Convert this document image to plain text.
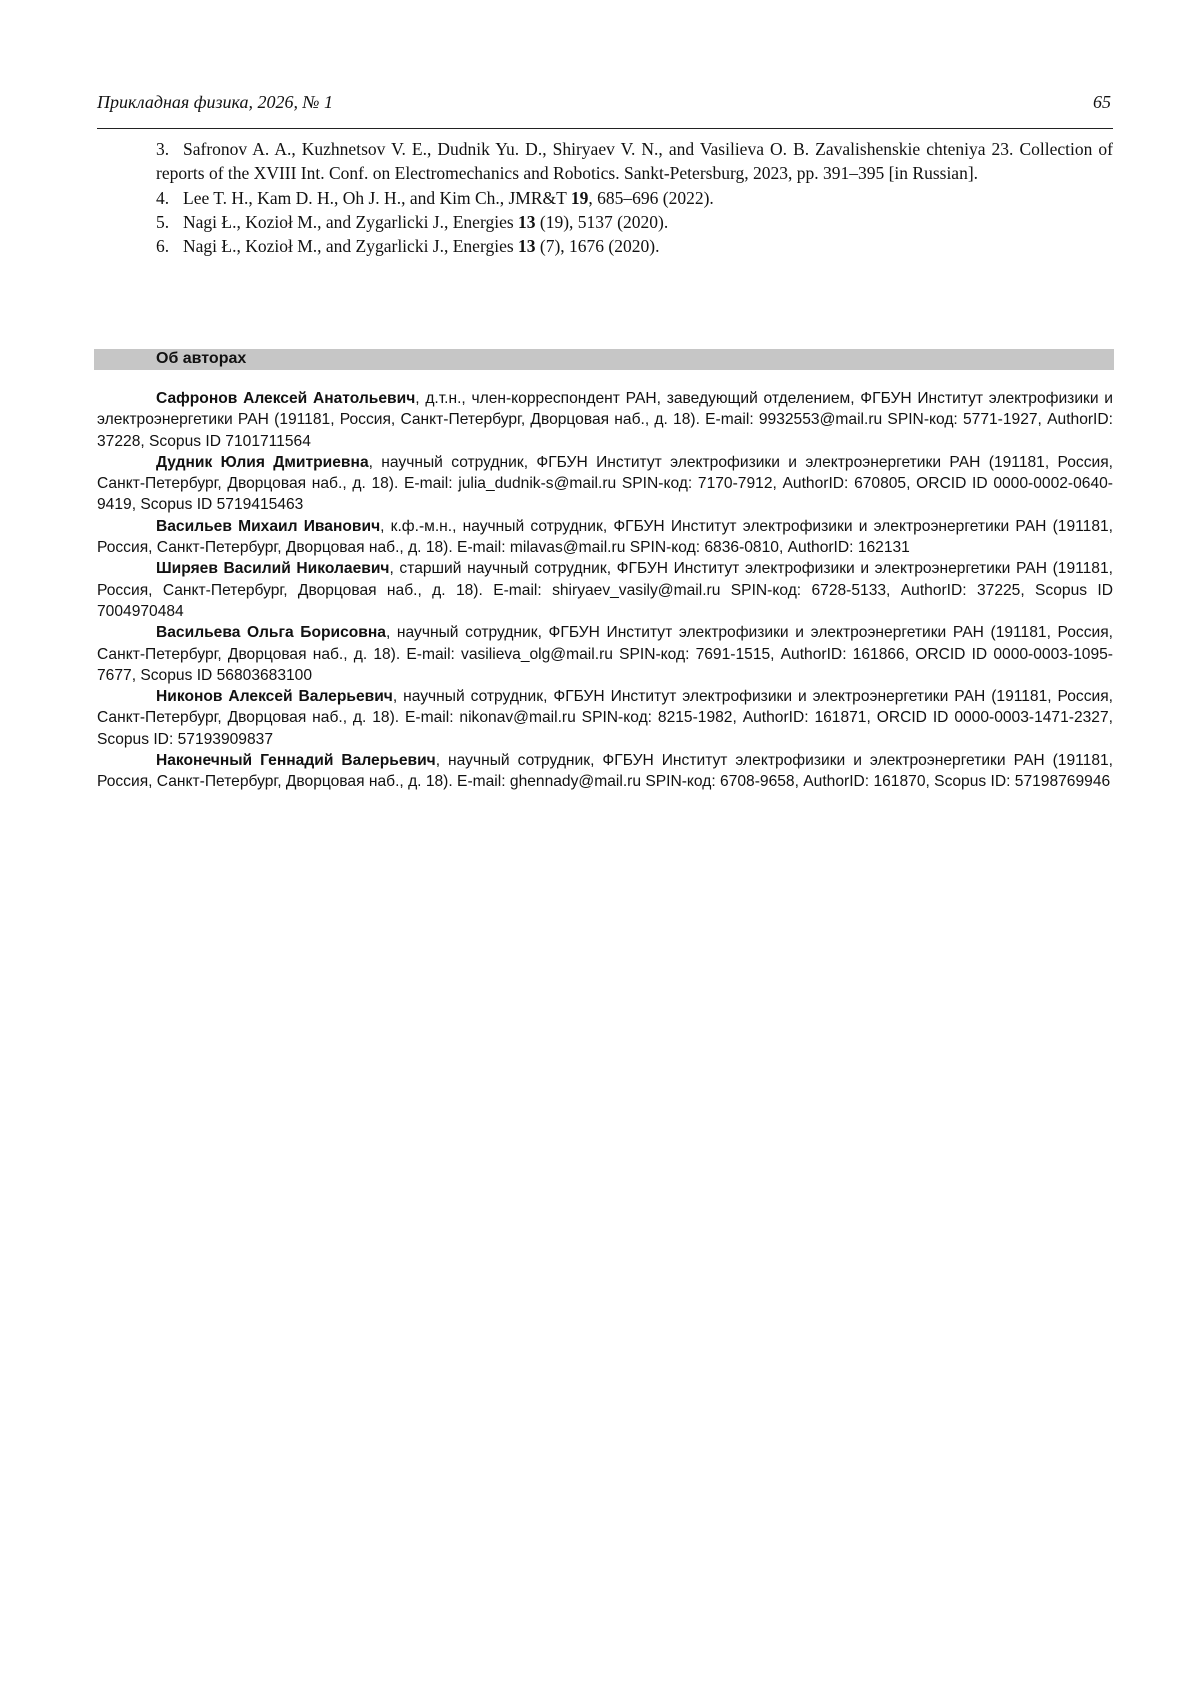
Прикладная физика, 2026, № 1	65

3. Safronov A. A., Kuzhnetsov V. E., Dudnik Yu. D., Shiryaev V. N., and Vasilieva O. B. Zavalishenskie chteniya 23. Collection of reports of the XVIII Int. Conf. on Electromechanics and Robotics. Sankt-Petersburg, 2023, pp. 391–395 [in Russian].

4. Lee T. H., Kam D. H., Oh J. H., and Kim Ch., JMR&T 19, 685–696 (2022).

5. Nagi Ł., Kozioł M., and Zygarlicki J., Energies 13 (19), 5137 (2020).

6. Nagi Ł., Kozioł M., and Zygarlicki J., Energies 13 (7), 1676 (2020).

Об авторах

Сафронов Алексей Анатольевич, д.т.н., член-корреспондент РАН, заведующий отделением, ФГБУН Институт электрофизики и электроэнергетики РАН (191181, Россия, Санкт-Петербург, Дворцовая наб., д. 18). E-mail: 9932553@mail.ru SPIN-код: 5771-1927, AuthorID: 37228, Scopus ID 7101711564

Дудник Юлия Дмитриевна, научный сотрудник, ФГБУН Институт электрофизики и электроэнергетики РАН (191181, Россия, Санкт-Петербург, Дворцовая наб., д. 18). E-mail: julia_dudnik-s@mail.ru SPIN-код: 7170-7912, AuthorID: 670805, ORCID ID 0000-0002-0640-9419, Scopus ID 5719415463

Васильев Михаил Иванович, к.ф.-м.н., научный сотрудник, ФГБУН Институт электрофизики и электроэнергетики РАН (191181, Россия, Санкт-Петербург, Дворцовая наб., д. 18). E-mail: milavas@mail.ru SPIN-код: 6836-0810, AuthorID: 162131

Ширяев Василий Николаевич, старший научный сотрудник, ФГБУН Институт электрофизики и электроэнергетики РАН (191181, Россия, Санкт-Петербург, Дворцовая наб., д. 18). E-mail: shiryaev_vasily@mail.ru SPIN-код: 6728-5133, AuthorID: 37225, Scopus ID 7004970484

Васильева Ольга Борисовна, научный сотрудник, ФГБУН Институт электрофизики и электроэнергетики РАН (191181, Россия, Санкт-Петербург, Дворцовая наб., д. 18). E-mail: vasilieva_olg@mail.ru SPIN-код: 7691-1515, AuthorID: 161866, ORCID ID 0000-0003-1095-7677, Scopus ID 56803683100

Никонов Алексей Валерьевич, научный сотрудник, ФГБУН Институт электрофизики и электроэнергетики РАН (191181, Россия, Санкт-Петербург, Дворцовая наб., д. 18). E-mail: nikonav@mail.ru SPIN-код: 8215-1982, AuthorID: 161871, ORCID ID 0000-0003-1471-2327, Scopus ID: 57193909837

Наконечный Геннадий Валерьевич, научный сотрудник, ФГБУН Институт электрофизики и электроэнергетики РАН (191181, Россия, Санкт-Петербург, Дворцовая наб., д. 18). E-mail: ghennady@mail.ru SPIN-код: 6708-9658, AuthorID: 161870, Scopus ID: 57198769946
